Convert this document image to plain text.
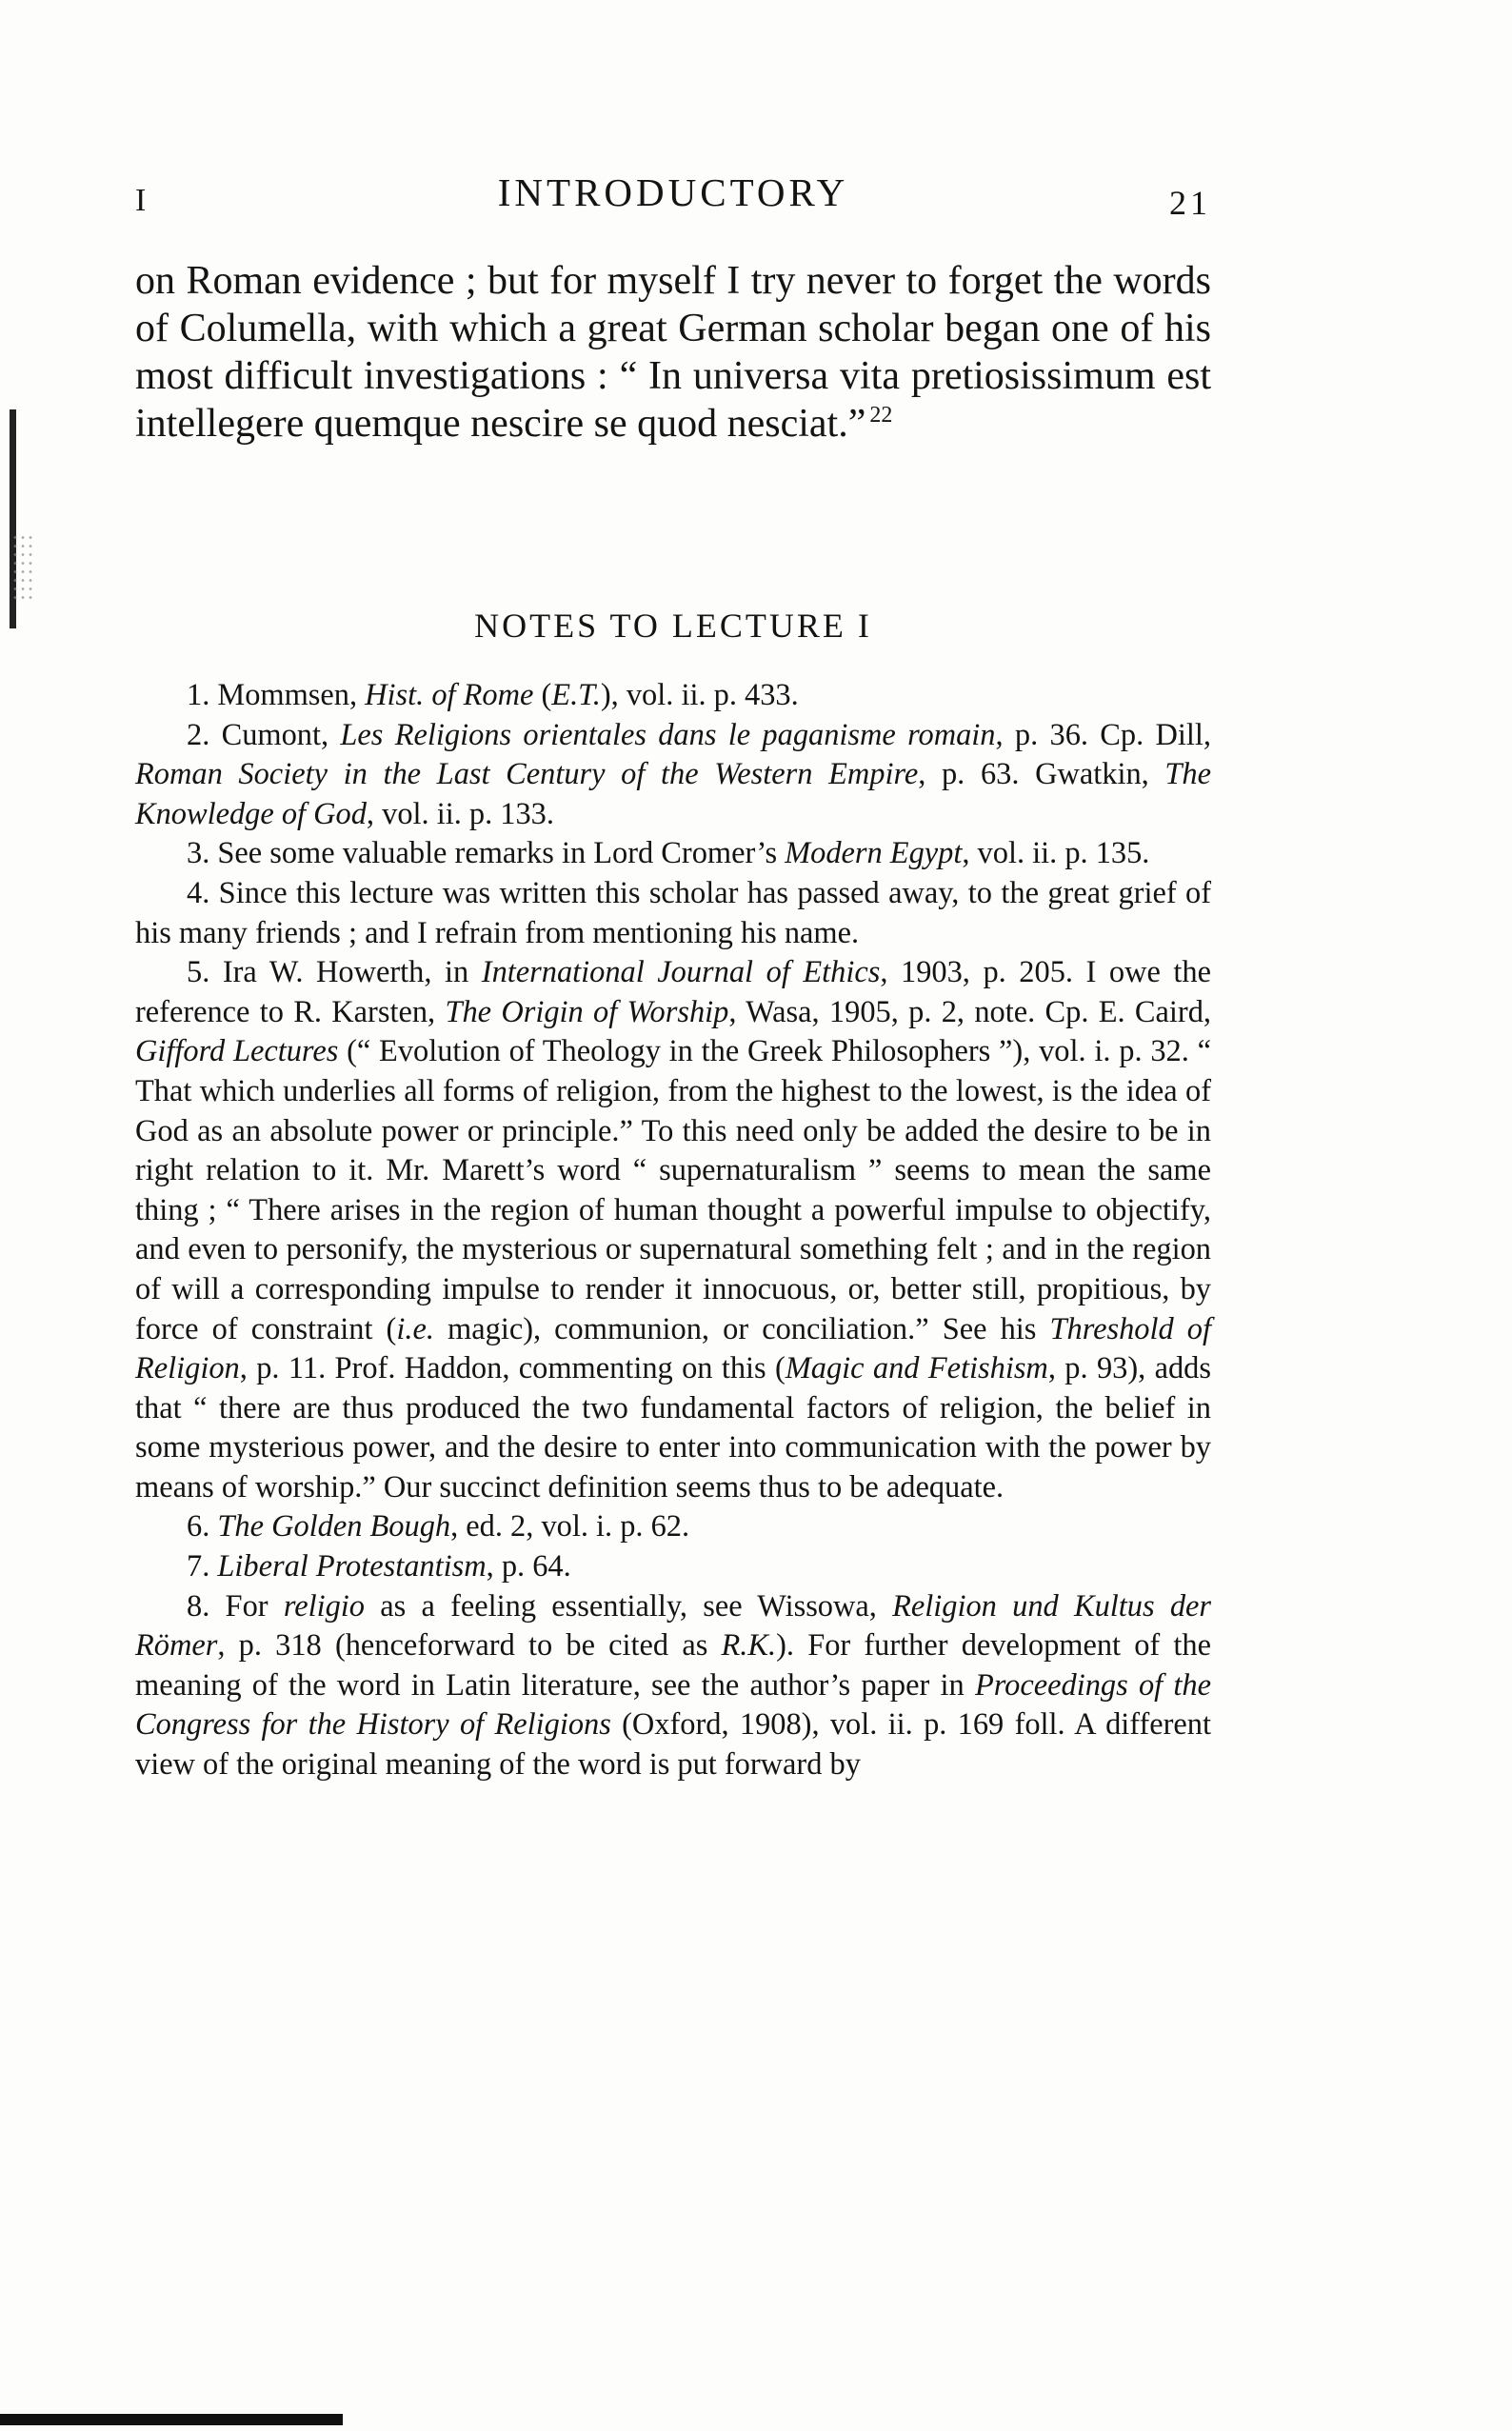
I	INTRODUCTORY	21

on Roman evidence ; but for myself I try never to forget the words of Columella, with which a great German scholar began one of his most difficult investigations : “ In universa vita pretiosissimum est intellegere quemque nescire se quod nesciat.” $^{22}$

NOTES TO LECTURE I

1. Mommsen, Hist. of Rome (E.T.), vol. ii. p. 433.

2. Cumont, Les Religions orientales dans le paganisme romain, p. 36. Cp. Dill, Roman Society in the Last Century of the Western Empire, p. 63. Gwatkin, The Knowledge of God, vol. ii. p. 133.

3. See some valuable remarks in Lord Cromer’s Modern Egypt, vol. ii. p. 135.

4. Since this lecture was written this scholar has passed away, to the great grief of his many friends ; and I refrain from mentioning his name.

5. Ira W. Howerth, in International Journal of Ethics, 1903, p. 205. I owe the reference to R. Karsten, The Origin of Worship, Wasa, 1905, p. 2, note. Cp. E. Caird, Gifford Lectures (“ Evolution of Theology in the Greek Philosophers ”), vol. i. p. 32. “ That which underlies all forms of religion, from the highest to the lowest, is the idea of God as an absolute power or principle.” To this need only be added the desire to be in right relation to it. Mr. Marett’s word “ supernaturalism ” seems to mean the same thing ; “ There arises in the region of human thought a powerful impulse to objectify, and even to personify, the mysterious or supernatural something felt ; and in the region of will a corresponding impulse to render it innocuous, or, better still, propitious, by force of constraint (i.e. magic), communion, or conciliation.” See his Threshold of Religion, p. 11. Prof. Haddon, commenting on this (Magic and Fetishism, p. 93), adds that “ there are thus produced the two fundamental factors of religion, the belief in some mysterious power, and the desire to enter into communication with the power by means of worship.” Our succinct definition seems thus to be adequate.

6. The Golden Bough, ed. 2, vol. i. p. 62.

7. Liberal Protestantism, p. 64.

8. For religio as a feeling essentially, see Wissowa, Religion und Kultus der Römer, p. 318 (henceforward to be cited as R.K.). For further development of the meaning of the word in Latin literature, see the author’s paper in Proceedings of the Congress for the History of Religions (Oxford, 1908), vol. ii. p. 169 foll. A different view of the original meaning of the word is put forward by
